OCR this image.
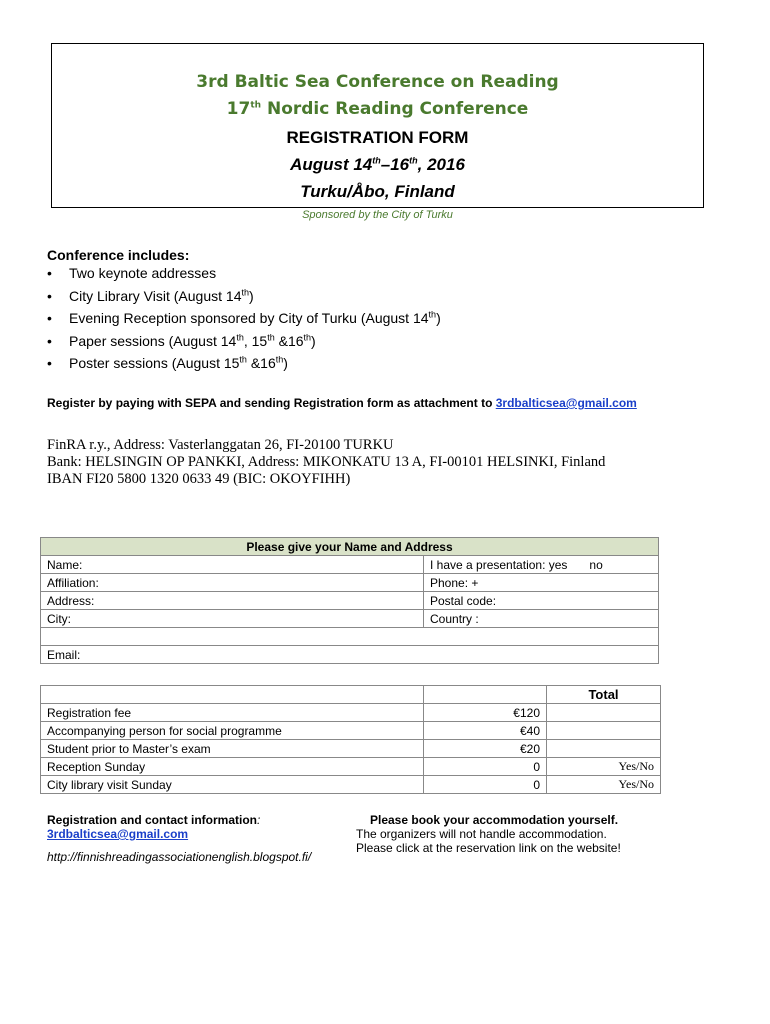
3rd Baltic Sea Conference on Reading
17th Nordic Reading Conference
REGISTRATION FORM
August 14th–16th, 2016
Turku/Åbo, Finland
Sponsored by the City of Turku
Conference includes:
• Two keynote addresses
• City Library Visit (August 14th)
• Evening Reception sponsored by City of Turku (August 14th)
• Paper sessions (August 14th, 15th &16th)
• Poster sessions (August 15th &16th)
Register by paying with SEPA and sending Registration form as attachment to 3rdbalticsea@gmail.com
FinRA r.y., Address: Vasterlanggatan 26, FI-20100 TURKU
Bank: HELSINGIN OP PANKKI, Address: MIKONKATU 13 A, FI-00101 HELSINKI, Finland
IBAN FI20 5800 1320 0633 49 (BIC: OKOYFIHH)
Please give your Name and Address	
Name:	I have a presentation: yes no
Affiliation:	Phone: +
Address:	Postal code:
City:	Country :

Email:	
		Total
Registration fee	€120	
Accompanying person for social programme	€40	
Student prior to Master’s exam	€20	
Reception Sunday	0	Yes/No
City library visit Sunday	0	Yes/No
Registration and contact information:
3rdbalticsea@gmail.com
http://finnishreadingassociationenglish.blogspot.fi/
Please book your accommodation yourself.
The organizers will not handle accommodation.
Please click at the reservation link on the website!
